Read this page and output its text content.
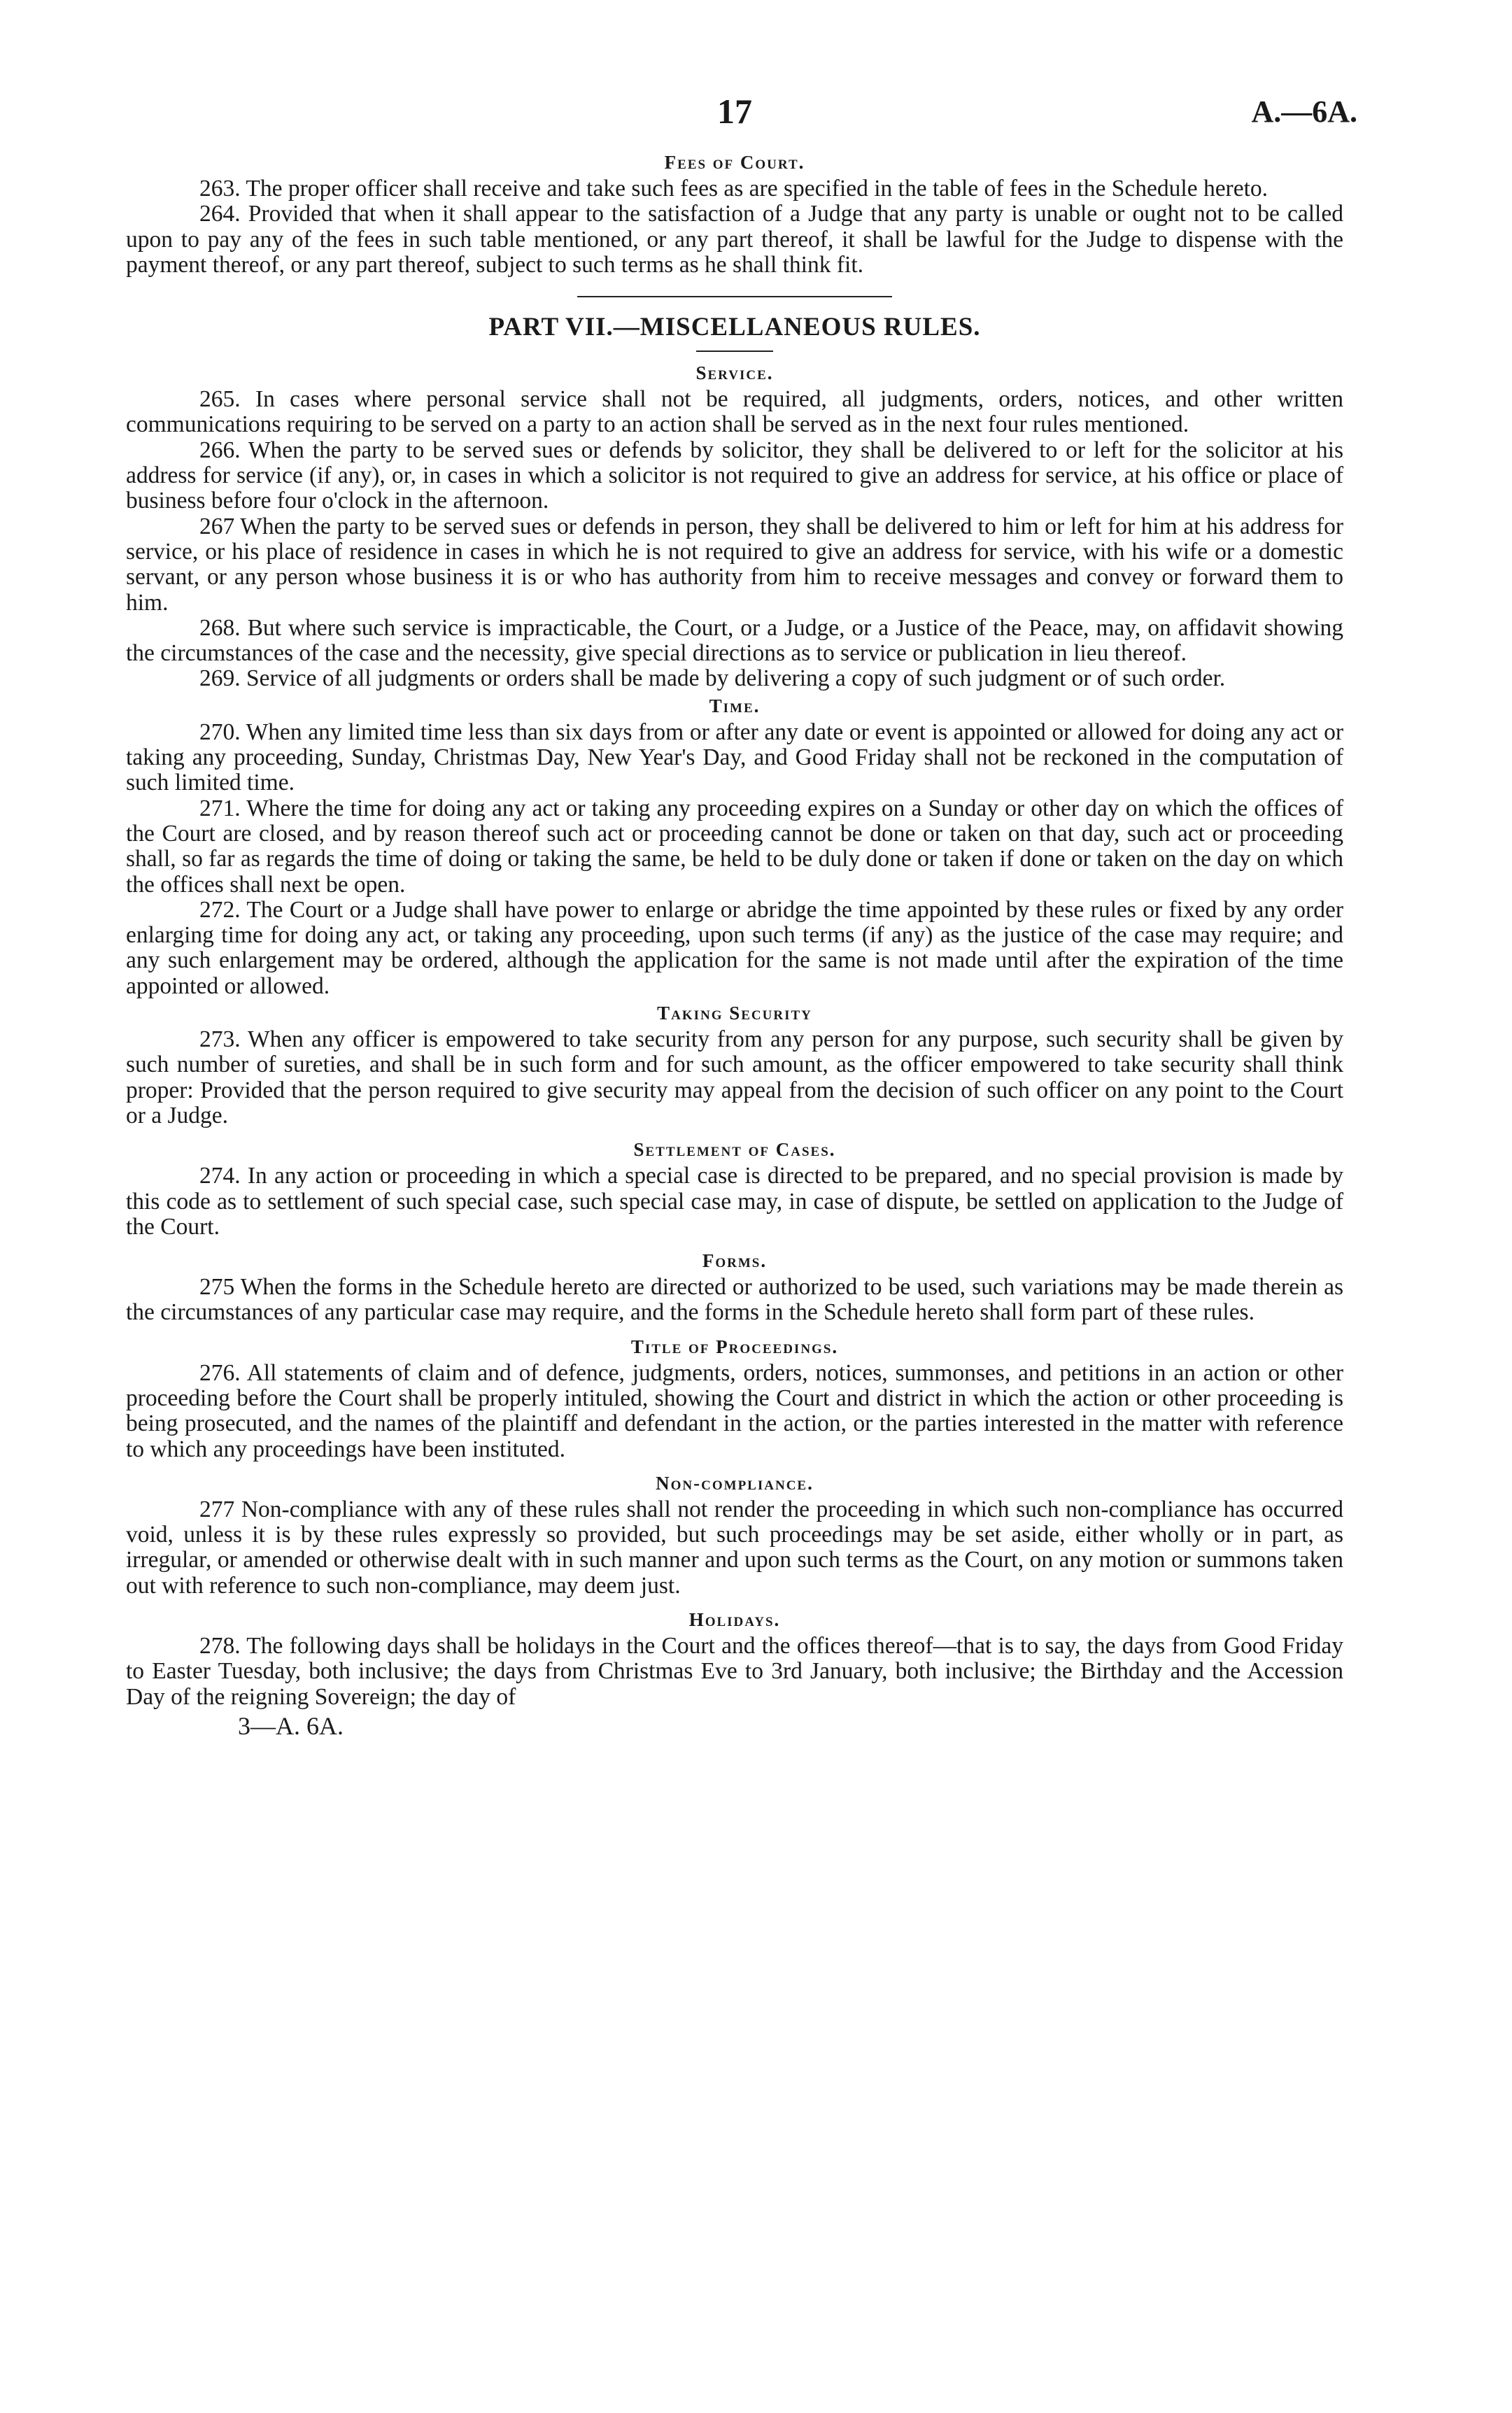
17	A.—6A.
Fees of Court.

263. The proper officer shall receive and take such fees as are specified in the table of fees in the Schedule hereto.

264. Provided that when it shall appear to the satisfaction of a Judge that any party is unable or ought not to be called upon to pay any of the fees in such table mentioned, or any part thereof, it shall be lawful for the Judge to dispense with the payment thereof, or any part thereof, subject to such terms as he shall think fit.

PART VII.—MISCELLANEOUS RULES.
Service.

265. In cases where personal service shall not be required, all judgments, orders, notices, and other written communications requiring to be served on a party to an action shall be served as in the next four rules mentioned.

266. When the party to be served sues or defends by solicitor, they shall be delivered to or left for the solicitor at his address for service (if any), or, in cases in which a solicitor is not required to give an address for service, at his office or place of business before four o'clock in the afternoon.

267 When the party to be served sues or defends in person, they shall be delivered to him or left for him at his address for service, or his place of residence in cases in which he is not required to give an address for service, with his wife or a domestic servant, or any person whose business it is or who has authority from him to receive messages and convey or forward them to him.

268. But where such service is impracticable, the Court, or a Judge, or a Justice of the Peace, may, on affidavit showing the circumstances of the case and the necessity, give special directions as to service or publication in lieu thereof.

269. Service of all judgments or orders shall be made by delivering a copy of such judgment or of such order.

Time.

270. When any limited time less than six days from or after any date or event is appointed or allowed for doing any act or taking any proceeding, Sunday, Christmas Day, New Year's Day, and Good Friday shall not be reckoned in the computation of such limited time.

271. Where the time for doing any act or taking any proceeding expires on a Sunday or other day on which the offices of the Court are closed, and by reason thereof such act or proceeding cannot be done or taken on that day, such act or proceeding shall, so far as regards the time of doing or taking the same, be held to be duly done or taken if done or taken on the day on which the offices shall next be open.

272. The Court or a Judge shall have power to enlarge or abridge the time appointed by these rules or fixed by any order enlarging time for doing any act, or taking any proceeding, upon such terms (if any) as the justice of the case may require; and any such enlargement may be ordered, although the application for the same is not made until after the expiration of the time appointed or allowed.

Taking Security

273. When any officer is empowered to take security from any person for any purpose, such security shall be given by such number of sureties, and shall be in such form and for such amount, as the officer empowered to take security shall think proper: Provided that the person required to give security may appeal from the decision of such officer on any point to the Court or a Judge.

Settlement of Cases.

274. In any action or proceeding in which a special case is directed to be prepared, and no special provision is made by this code as to settlement of such special case, such special case may, in case of dispute, be settled on application to the Judge of the Court.

Forms.

275 When the forms in the Schedule hereto are directed or authorized to be used, such variations may be made therein as the circumstances of any particular case may require, and the forms in the Schedule hereto shall form part of these rules.

Title of Proceedings.

276. All statements of claim and of defence, judgments, orders, notices, summonses, and petitions in an action or other proceeding before the Court shall be properly intituled, showing the Court and district in which the action or other proceeding is being prosecuted, and the names of the plaintiff and defendant in the action, or the parties interested in the matter with reference to which any proceedings have been instituted.

Non-compliance.

277 Non-compliance with any of these rules shall not render the proceeding in which such non-compliance has occurred void, unless it is by these rules expressly so provided, but such proceedings may be set aside, either wholly or in part, as irregular, or amended or otherwise dealt with in such manner and upon such terms as the Court, on any motion or summons taken out with reference to such non-compliance, may deem just.

Holidays.

278. The following days shall be holidays in the Court and the offices thereof—that is to say, the days from Good Friday to Easter Tuesday, both inclusive; the days from Christmas Eve to 3rd January, both inclusive; the Birthday and the Accession Day of the reigning Sovereign; the day of

3—A. 6A.
